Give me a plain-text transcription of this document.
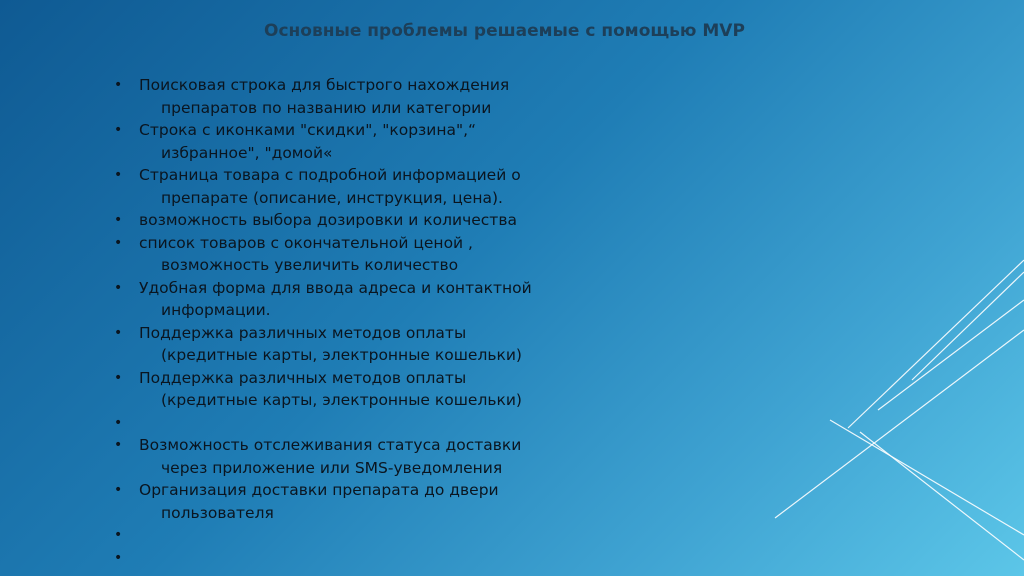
Основные проблемы решаемые с помощью MVP
• Поисковая строка для быстрого нахождения
препаратов по названию или категории
• Строка с иконками "скидки", "корзина",“
избранное", "домой«
• Страница товара с подробной информацией о
препарате (описание, инструкция, цена).
• возможность выбора дозировки и количества
• список товаров с окончательной ценой ,
возможность увеличить количество
• Удобная форма для ввода адреса и контактной
информации.
• Поддержка различных методов оплаты
(кредитные карты, электронные кошельки)
• Поддержка различных методов оплаты
(кредитные карты, электронные кошельки)
•
• Возможность отслеживания статуса доставки
через приложение или SMS-уведомления
• Организация доставки препарата до двери
пользователя
•
•
